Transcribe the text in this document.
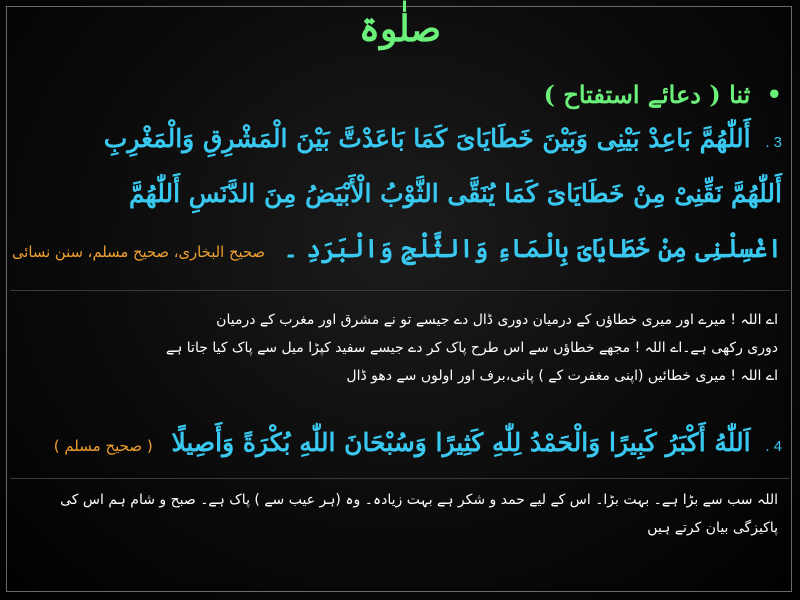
صلٰوۃ
• ثنا ( دعائے استفتاح )
3 . أَللّٰهُمَّ بَاعِدْ بَيْنِى وَبَيْنَ خَطَايَاىَ كَمَا بَاعَدْتَّ بَيْنَ الْمَشْرِقِ وَالْمَغْرِبِ
أَللّٰهُمَّ نَقِّنِىْ مِنْ خَطَايَاىَ كَمَا يُنَقَّى الثَّوْبُ الْأَبْيَضُ مِنَ الدَّنَسِ أَللّٰهُمَّ
اغْسِلْنِى مِنْ خَطَايَاىَ بِالْمَاءِ وَالثَّلْجِ وَالْبَرَدِ ۔ صحیح البخاری، صحیح مسلم، سنن نسائی
اے اللہ ! میرے اور میری خطاؤں کے درمیان دوری ڈال دے جیسے تو نے مشرق اور مغرب کے درمیان
دوری رکھی ہے۔اے اللہ ! مجھے خطاؤں سے اس طرح پاک کر دے جیسے سفید کپڑا میل سے پاک کیا جاتا ہے
اے اللہ ! میری خطائیں (اپنی مغفرت کے ) پانی،برف اور اولوں سے دھو ڈال
4 . اَللّٰهُ أَكْبَرُ كَبِيرًا وَالْحَمْدُ لِلّٰهِ كَثِيرًا وَسُبْحَانَ اللّٰهِ بُكْرَةً وَأَصِيلًا ( صحیح مسلم )
اللہ سب سے بڑا ہے۔ بہت بڑا۔ اس کے لیے حمد و شکر ہے بہت زیادہ۔ وہ (ہر عیب سے ) پاک ہے۔ صبح و شام ہم اس کی
پاکیزگی بیان کرتے ہیں
